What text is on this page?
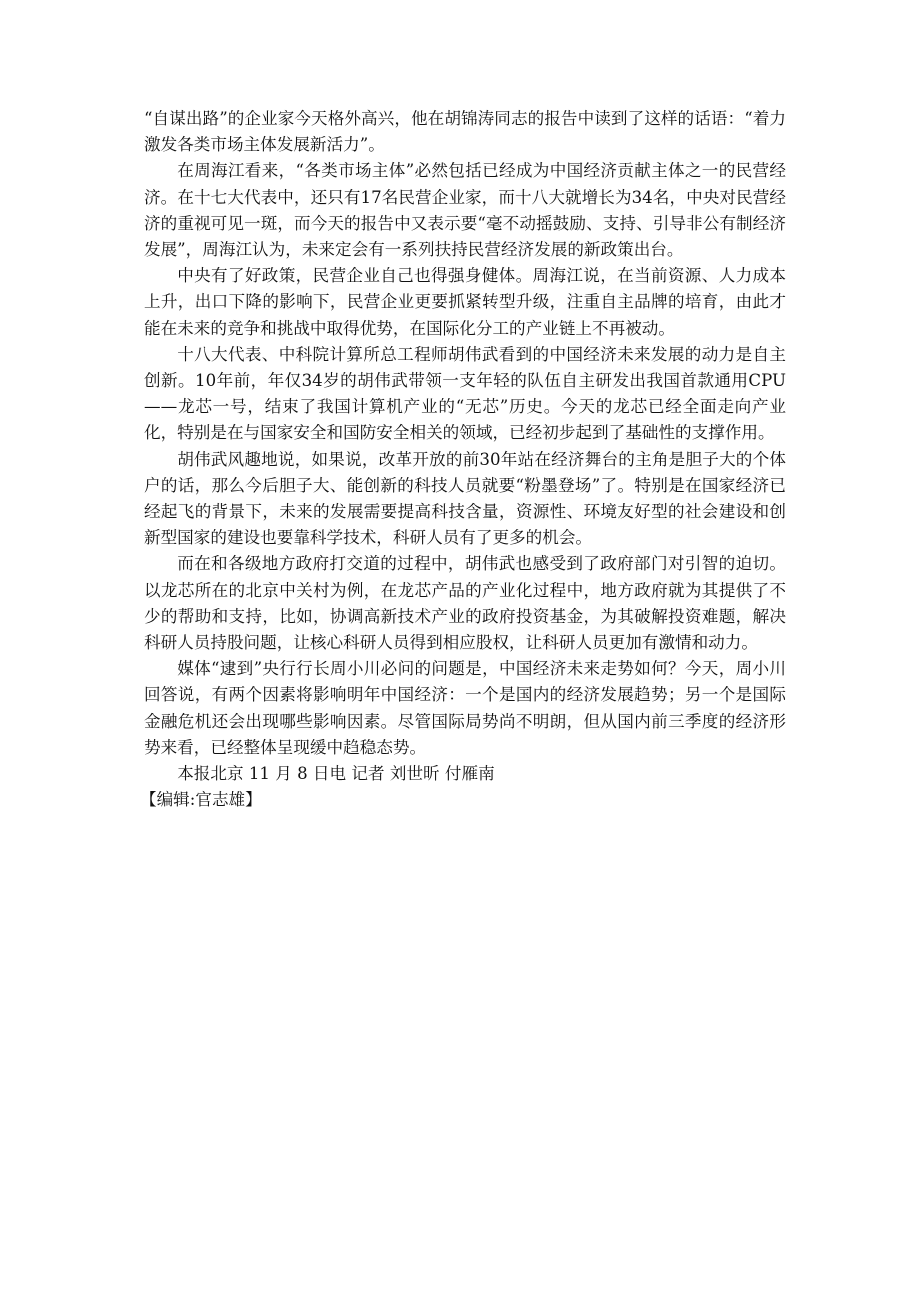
“自谋出路”的企业家今天格外高兴，他在胡锦涛同志的报告中读到了这样的话语：“着力激发各类市场主体发展新活力”。

在周海江看来，“各类市场主体”必然包括已经成为中国经济贡献主体之一的民营经济。在十七大代表中，还只有17名民营企业家，而十八大就增长为34名，中央对民营经济的重视可见一斑，而今天的报告中又表示要“毫不动摇鼓励、支持、引导非公有制经济发展”，周海江认为，未来定会有一系列扶持民营经济发展的新政策出台。

中央有了好政策，民营企业自己也得强身健体。周海江说，在当前资源、人力成本上升，出口下降的影响下，民营企业更要抓紧转型升级，注重自主品牌的培育，由此才能在未来的竞争和挑战中取得优势，在国际化分工的产业链上不再被动。

十八大代表、中科院计算所总工程师胡伟武看到的中国经济未来发展的动力是自主创新。10年前，年仅34岁的胡伟武带领一支年轻的队伍自主研发出我国首款通用CPU——龙芯一号，结束了我国计算机产业的“无芯”历史。今天的龙芯已经全面走向产业化，特别是在与国家安全和国防安全相关的领域，已经初步起到了基础性的支撑作用。

胡伟武风趣地说，如果说，改革开放的前30年站在经济舞台的主角是胆子大的个体户的话，那么今后胆子大、能创新的科技人员就要“粉墨登场”了。特别是在国家经济已经起飞的背景下，未来的发展需要提高科技含量，资源性、环境友好型的社会建设和创新型国家的建设也要靠科学技术，科研人员有了更多的机会。

而在和各级地方政府打交道的过程中，胡伟武也感受到了政府部门对引智的迫切。以龙芯所在的北京中关村为例，在龙芯产品的产业化过程中，地方政府就为其提供了不少的帮助和支持，比如，协调高新技术产业的政府投资基金，为其破解投资难题，解决科研人员持股问题，让核心科研人员得到相应股权，让科研人员更加有激情和动力。

媒体“逮到”央行行长周小川必问的问题是，中国经济未来走势如何？今天，周小川回答说，有两个因素将影响明年中国经济：一个是国内的经济发展趋势；另一个是国际金融危机还会出现哪些影响因素。尽管国际局势尚不明朗，但从国内前三季度的经济形势来看，已经整体呈现缓中趋稳态势。

本报北京 11 月 8 日电 记者 刘世昕 付雁南

【编辑:官志雄】
